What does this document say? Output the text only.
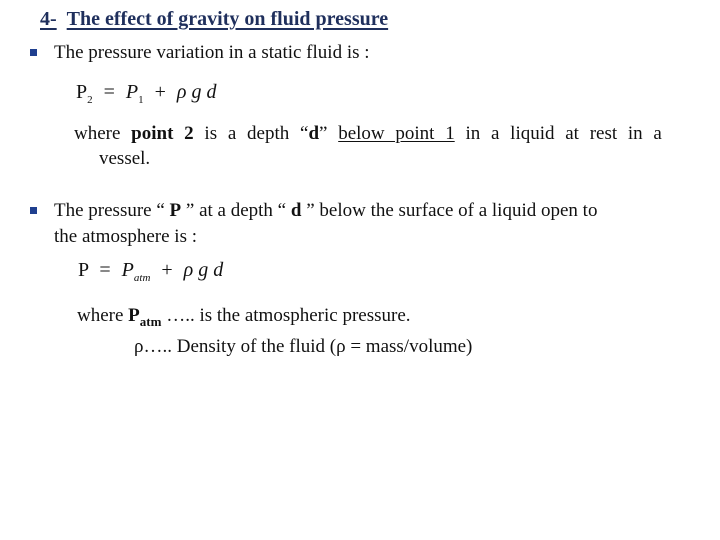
4- The effect of gravity on fluid pressure
The pressure variation in a static fluid is :
$P_2 = P_1 + \rho$ g d
where point 2 is a depth “d” below point 1 in a liquid at rest in a
vessel.
The pressure “ P ” at a depth “ d ” below the surface of a liquid open to
the atmosphere is :
$P = P_{atm} + \rho$ g d
where $P_{atm}$ ….. is the atmospheric pressure.
ρ….. Density of the fluid (ρ = mass/volume)
